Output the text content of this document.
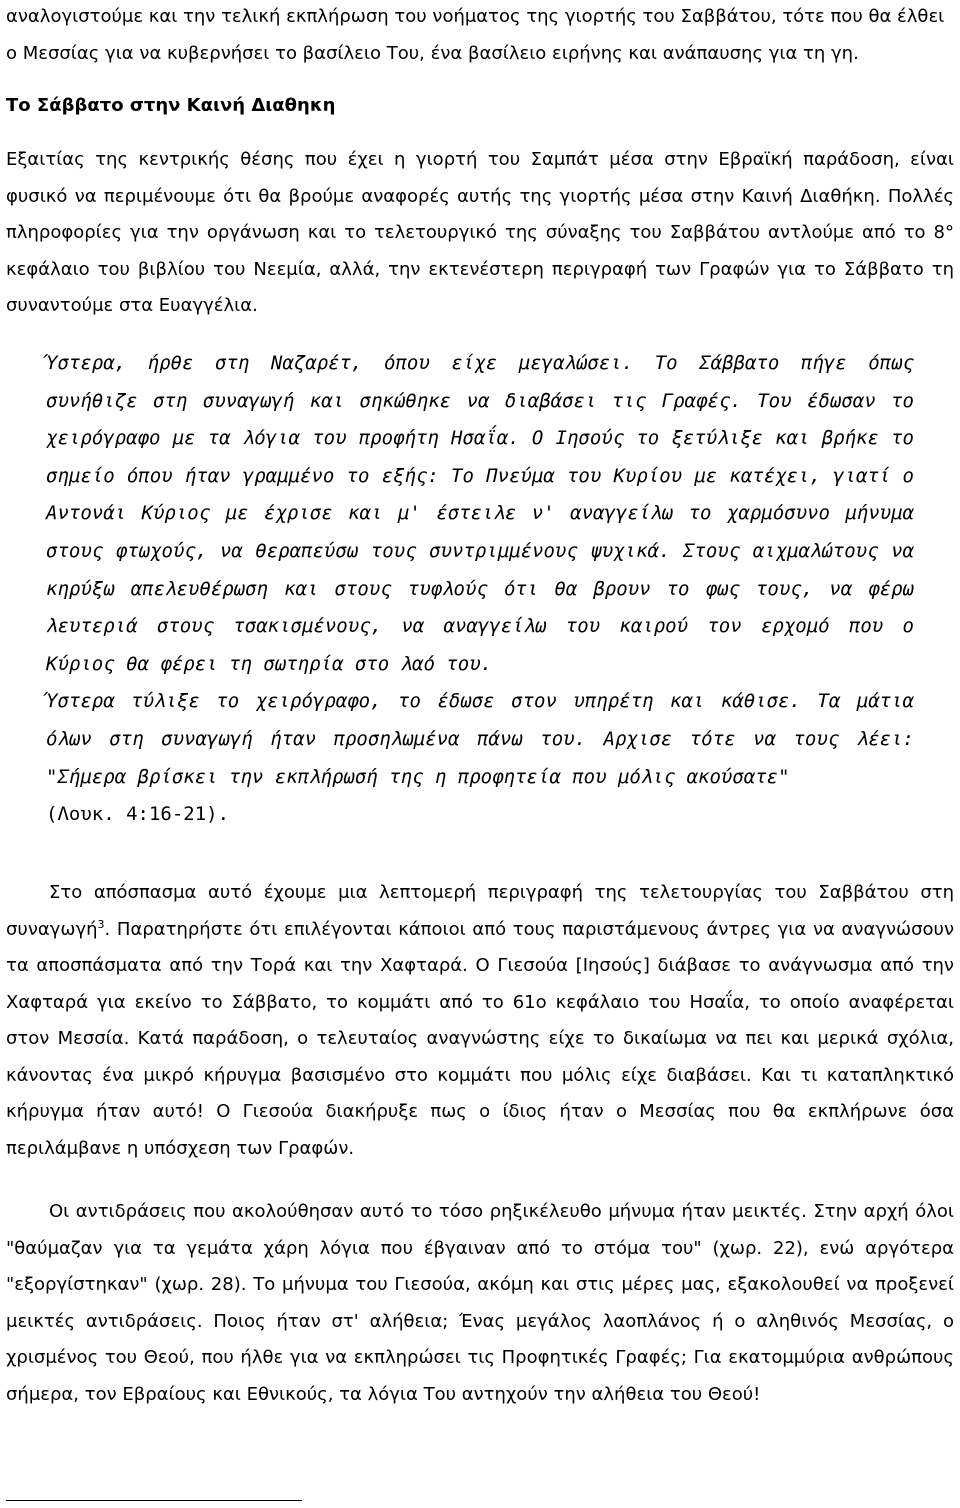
αναλογιστούμε και την τελική εκπλήρωση του νοήματος της γιορτής του Σαββάτου, τότε που θα έλθει
ο Μεσσίας για να κυβερνήσει το βασίλειο Του, ένα βασίλειο ειρήνης και ανάπαυσης για τη γη.

Το Σάββατο στην Καινή Διαθηκη

Εξαιτίας της κεντρικής θέσης που έχει η γιορτή του Σαμπάτ μέσα στην Εβραϊκή παράδοση, είναι φυσικό να περιμένουμε ότι θα βρούμε αναφορές αυτής της γιορτής μέσα στην Καινή Διαθήκη. Πολλές πληροφορίες για την οργάνωση και το τελετουργικό της σύναξης του Σαββάτου αντλούμε από το 8° κεφάλαιο του βιβλίου του Νεεμία, αλλά, την εκτενέστερη περιγραφή των Γραφών για το Σάββατο τη συναντούμε στα Ευαγγέλια.

Ύστερα, ήρθε στη Ναζαρέτ, όπου είχε μεγαλώσει. Το Σάββατο πήγε όπως συνήθιζε στη συναγωγή και σηκώθηκε να διαβάσει τις Γραφές. Του έδωσαν το χειρόγραφο με τα λόγια του προφήτη Ησαΐα. Ο Ιησούς το ξετύλιξε και βρήκε το σημείο όπου ήταν γραμμένο το εξής: Το Πνεύμα του Κυρίου με κατέχει, γιατί ο Αντονάι Κύριος με έχρισε και μ' έστειλε ν' αναγγείλω το χαρμόσυνο μήνυμα στους φτωχούς, να θεραπεύσω τους συντριμμένους ψυχικά. Στους αιχμαλώτους να κηρύξω απελευθέρωση και στους τυφλούς ότι θα βρουν το φως τους, να φέρω λευτεριά στους τσακισμένους, να αναγγείλω του καιρού τον ερχομό που ο Κύριος θα φέρει τη σωτηρία στο λαό του.

Ύστερα τύλιξε το χειρόγραφο, το έδωσε στον υπηρέτη και κάθισε. Τα μάτια όλων στη συναγωγή ήταν προσηλωμένα πάνω του. Αρχισε τότε να τους λέει: "Σήμερα βρίσκει την εκπλήρωσή της η προφητεία που μόλις ακούσατε"

(Λουκ. 4:16-21).

Στο απόσπασμα αυτό έχουμε μια λεπτομερή περιγραφή της τελετουργίας του Σαββάτου στη συναγωγή$^3$. Παρατηρήστε ότι επιλέγονται κάποιοι από τους παριστάμενους άντρες για να αναγνώσουν τα αποσπάσματα από την Τορά και την Χαφταρά. Ο Γιεσούα [Ιησούς] διάβασε το ανάγνωσμα από την Χαφταρά για εκείνο το Σάββατο, το κομμάτι από το 61ο κεφάλαιο του Ησαΐα, το οποίο αναφέρεται στον Μεσσία. Κατά παράδοση, ο τελευταίος αναγνώστης είχε το δικαίωμα να πει και μερικά σχόλια, κάνοντας ένα μικρό κήρυγμα βασισμένο στο κομμάτι που μόλις είχε διαβάσει. Και τι καταπληκτικό κήρυγμα ήταν αυτό! Ο Γιεσούα διακήρυξε πως ο ίδιος ήταν ο Μεσσίας που θα εκπλήρωνε όσα περιλάμβανε η υπόσχεση των Γραφών.

Οι αντιδράσεις που ακολούθησαν αυτό το τόσο ρηξικέλευθο μήνυμα ήταν μεικτές. Στην αρχή όλοι "θαύμαζαν για τα γεμάτα χάρη λόγια που έβγαιναν από το στόμα του" (χωρ. 22), ενώ αργότερα "εξοργίστηκαν" (χωρ. 28). Το μήνυμα του Γιεσούα, ακόμη και στις μέρες μας, εξακολουθεί να προξενεί μεικτές αντιδράσεις. Ποιος ήταν στ' αλήθεια; Ένας μεγάλος λαοπλάνος ή ο αληθινός Μεσσίας, ο χρισμένος του Θεού, που ήλθε για να εκπληρώσει τις Προφητικές Γραφές; Για εκατομμύρια ανθρώπους σήμερα, τον Εβραίους και Εθνικούς, τα λόγια Του αντηχούν την αλήθεια του Θεού!
